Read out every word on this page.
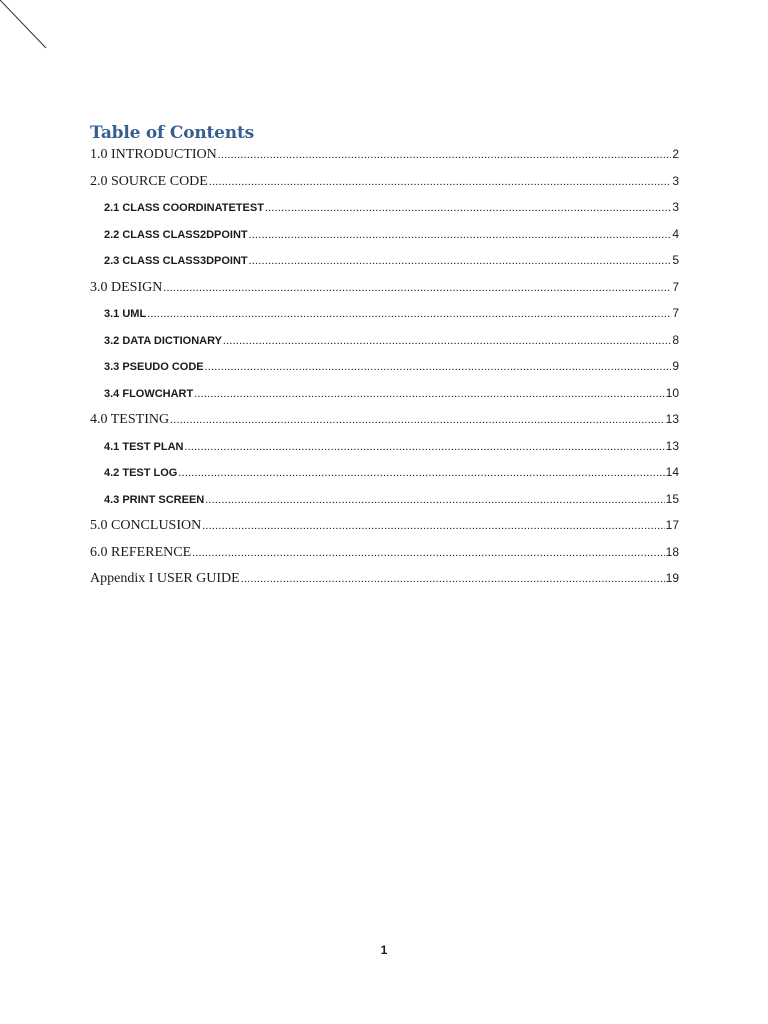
Table of Contents
1.0 INTRODUCTION .....	2
2.0 SOURCE CODE .....	3
2.1 CLASS COORDINATETEST .....	3
2.2 CLASS CLASS2DPOINT .....	4
2.3 CLASS CLASS3DPOINT .....	5
3.0 DESIGN .....	7
3.1 UML .....	7
3.2 DATA DICTIONARY .....	8
3.3 PSEUDO CODE .....	9
3.4 FLOWCHART .....	10
4.0 TESTING .....	13
4.1 TEST PLAN .....	13
4.2 TEST LOG .....	14
4.3 PRINT SCREEN .....	15
5.0 CONCLUSION .....	17
6.0 REFERENCE .....	18
Appendix I USER GUIDE .....	19
1
